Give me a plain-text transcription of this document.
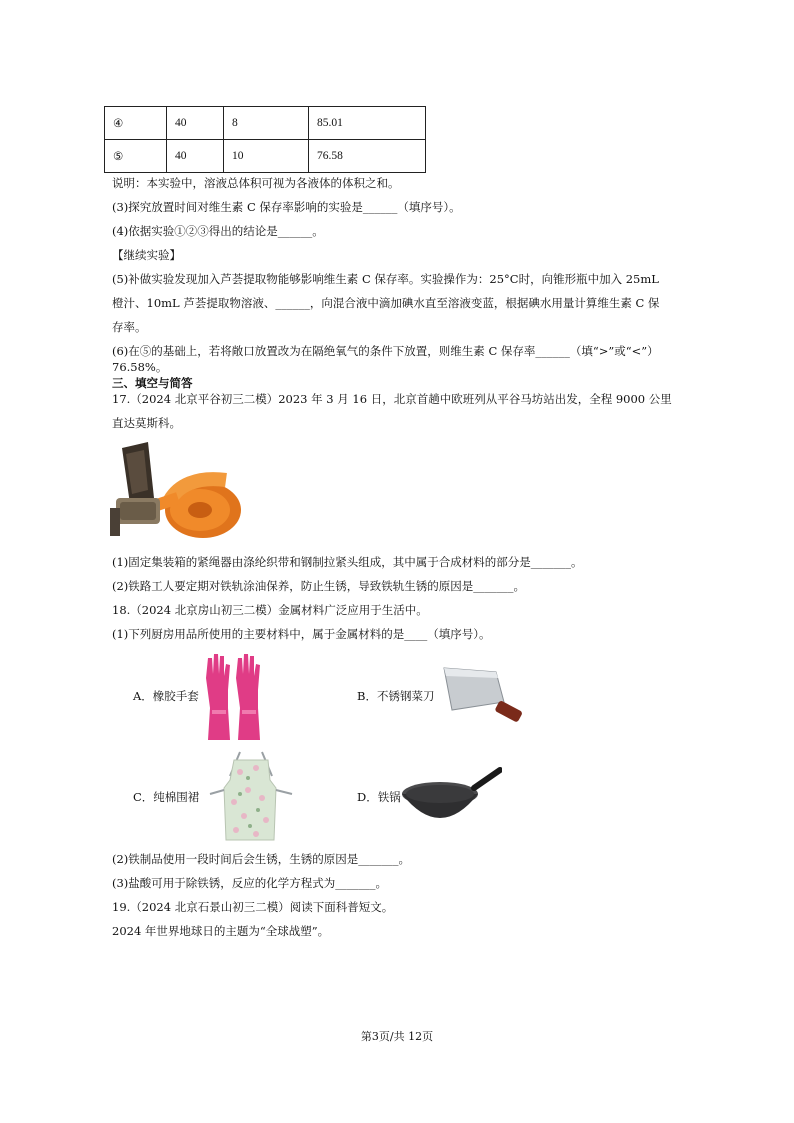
④	40	8	85.01
⑤	40	10	76.58
说明：本实验中，溶液总体积可视为各液体的体积之和。
(3)探究放置时间对维生素 C 保存率影响的实验是______（填序号）。
(4)依据实验①②③得出的结论是______。
【继续实验】
(5)补做实验发现加入芦荟提取物能够影响维生素 C 保存率。实验操作为：25°C时，向锥形瓶中加入 25mL
橙汁、10mL 芦荟提取物溶液、______，向混合液中滴加碘水直至溶液变蓝，根据碘水用量计算维生素 C 保
存率。
(6)在⑤的基础上，若将敞口放置改为在隔绝氧气的条件下放置，则维生素 C 保存率______（填“>”或“<”）
76.58%。
三、填空与简答
17.（2024 北京平谷初三二模）2023 年 3 月 16 日，北京首趟中欧班列从平谷马坊站出发，全程 9000 公里
直达莫斯科。
(1)固定集装箱的紧绳器由涤纶织带和钢制拉紧头组成，其中属于合成材料的部分是_______。
(2)铁路工人要定期对铁轨涂油保养，防止生锈，导致铁轨生锈的原因是_______。
18.（2024 北京房山初三二模）金属材料广泛应用于生活中。
(1)下列厨房用品所使用的主要材料中，属于金属材料的是____（填序号）。
A．橡胶手套	B．不锈钢菜刀
C．纯棉围裙	D．铁锅
(2)铁制品使用一段时间后会生锈，生锈的原因是_______。
(3)盐酸可用于除铁锈，反应的化学方程式为_______。
19.（2024 北京石景山初三二模）阅读下面科普短文。
2024 年世界地球日的主题为“全球战塑”。
第3页/共 12页
